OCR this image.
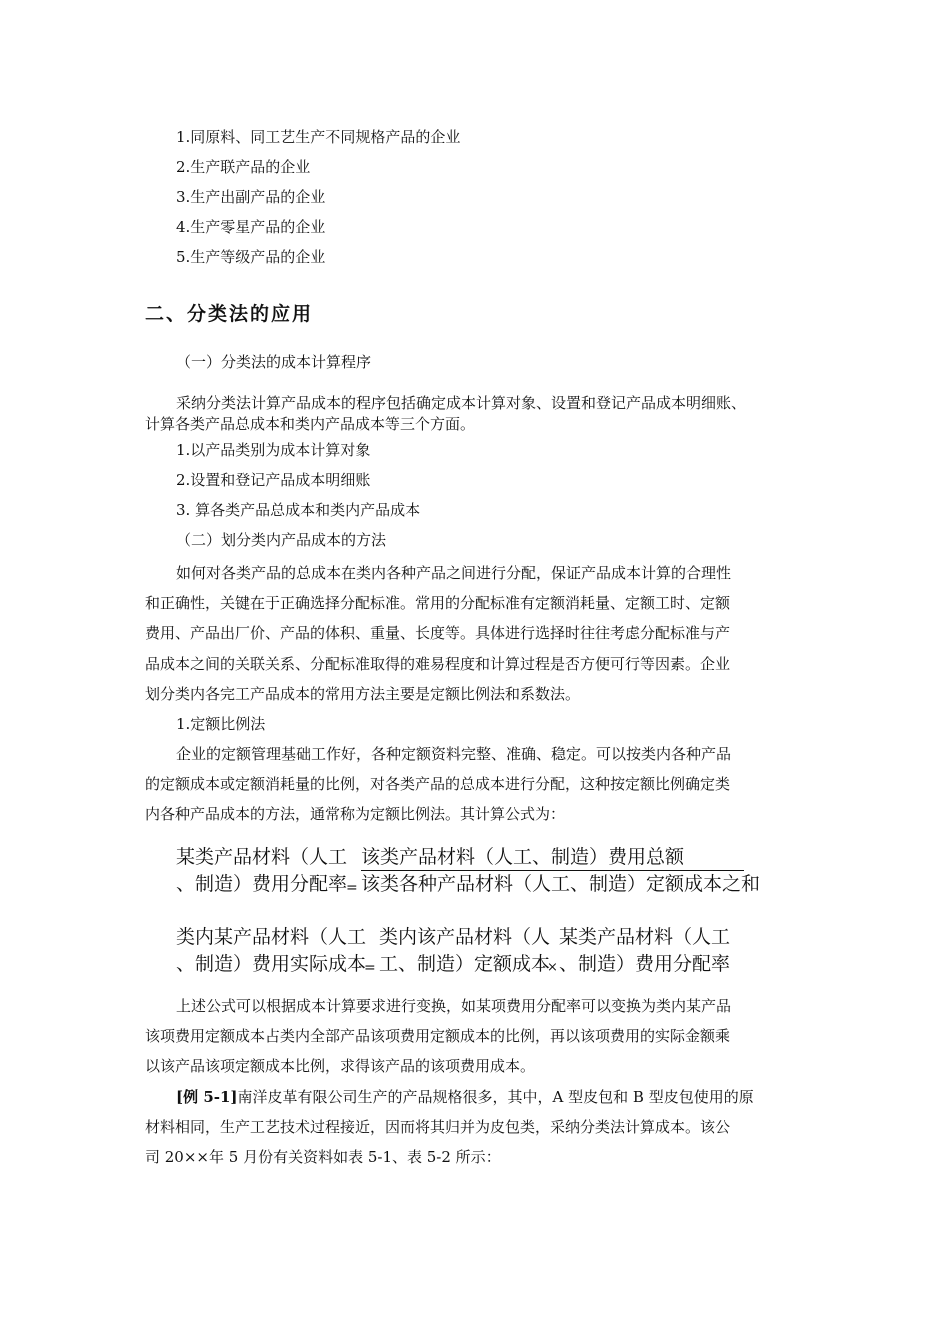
1.同原料、同工艺生产不同规格产品的企业
2.生产联产品的企业
3.生产出副产品的企业
4.生产零星产品的企业
5.生产等级产品的企业
二、分类法的应用
（一）分类法的成本计算程序
采纳分类法计算产品成本的程序包括确定成本计算对象、设置和登记产品成本明细账、
计算各类产品总成本和类内产品成本等三个方面。
1.以产品类别为成本计算对象
2.设置和登记产品成本明细账
3. 算各类产品总成本和类内产品成本
（二）划分类内产品成本的方法
如何对各类产品的总成本在类内各种产品之间进行分配，保证产品成本计算的合理性
和正确性，关键在于正确选择分配标准。常用的分配标准有定额消耗量、定额工时、定额
费用、产品出厂价、产品的体积、重量、长度等。具体进行选择时往往考虑分配标准与产
品成本之间的关联关系、分配标准取得的难易程度和计算过程是否方便可行等因素。企业
划分类内各完工产品成本的常用方法主要是定额比例法和系数法。
1.定额比例法
企业的定额管理基础工作好，各种定额资料完整、准确、稳定。可以按类内各种产品
的定额成本或定额消耗量的比例，对各类产品的总成本进行分配，这种按定额比例确定类
内各种产品成本的方法，通常称为定额比例法。其计算公式为：
某类产品材料（人工
、制造）费用分配率
=
该类产品材料（人工、制造）费用总额
该类各种产品材料（人工、制造）定额成本之和
类内某产品材料（人工
、制造）费用实际成本
=
类内该产品材料（人
工、制造）定额成本
×
某类产品材料（人工
、制造）费用分配率
上述公式可以根据成本计算要求进行变换，如某项费用分配率可以变换为类内某产品
该项费用定额成本占类内全部产品该项费用定额成本的比例，再以该项费用的实际金额乘
以该产品该项定额成本比例，求得该产品的该项费用成本。
[例 5-1]南洋皮革有限公司生产的产品规格很多，其中，A 型皮包和 B 型皮包使用的原
材料相同，生产工艺技术过程接近，因而将其归并为皮包类，采纳分类法计算成本。该公
司 20××年 5 月份有关资料如表 5-1、表 5-2 所示：
